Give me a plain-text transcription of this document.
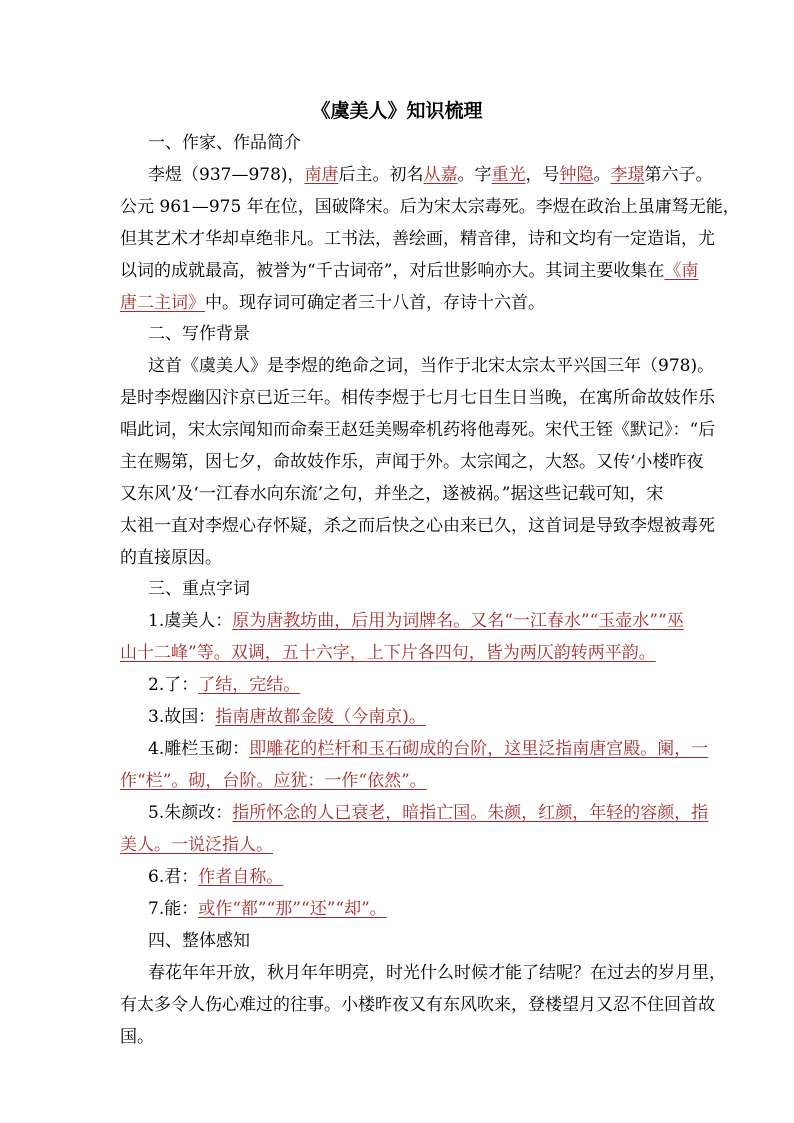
《虞美人》知识梳理
一、作家、作品简介
李煜（937—978)，南唐后主。初名从嘉。字重光，号钟隐。李璟第六子。
公元 961—975 年在位，国破降宋。后为宋太宗毒死。李煜在政治上虽庸驽无能，
但其艺术才华却卓绝非凡。工书法，善绘画，精音律，诗和文均有一定造诣，尤
以词的成就最高，被誉为“千古词帝”，对后世影响亦大。其词主要收集在《南
唐二主词》中。现存词可确定者三十八首，存诗十六首。
二、写作背景
这首《虞美人》是李煜的绝命之词，当作于北宋太宗太平兴国三年（978)。
是时李煜幽囚汴京已近三年。相传李煜于七月七日生日当晚，在寓所命故妓作乐
唱此词，宋太宗闻知而命秦王赵廷美赐牵机药将他毒死。宋代王铚《默记》：“后
主在赐第，因七夕，命故妓作乐，声闻于外。太宗闻之，大怒。又传‘小楼昨夜
又东风’及‘一江春水向东流’之句，并坐之，遂被祸。”据这些记载可知，宋
太祖一直对李煜心存怀疑，杀之而后快之心由来已久，这首词是导致李煜被毒死
的直接原因。
三、重点字词
1.虞美人：原为唐教坊曲，后用为词牌名。又名“一江春水”“玉壶水”“巫
山十二峰”等。双调，五十六字，上下片各四句，皆为两仄韵转两平韵。
2.了：了结，完结。
3.故国：指南唐故都金陵（今南京)。
4.雕栏玉砌：即雕花的栏杆和玉石砌成的台阶，这里泛指南唐宫殿。阑，一
作“栏”。砌，台阶。应犹：一作“依然”。
5.朱颜改：指所怀念的人已衰老，暗指亡国。朱颜，红颜，年轻的容颜，指
美人。一说泛指人。
6.君：作者自称。
7.能：或作“都”“那”“还”“却”。
四、整体感知
春花年年开放，秋月年年明亮，时光什么时候才能了结呢？在过去的岁月里，
有太多令人伤心难过的往事。小楼昨夜又有东风吹来，登楼望月又忍不住回首故
国。
